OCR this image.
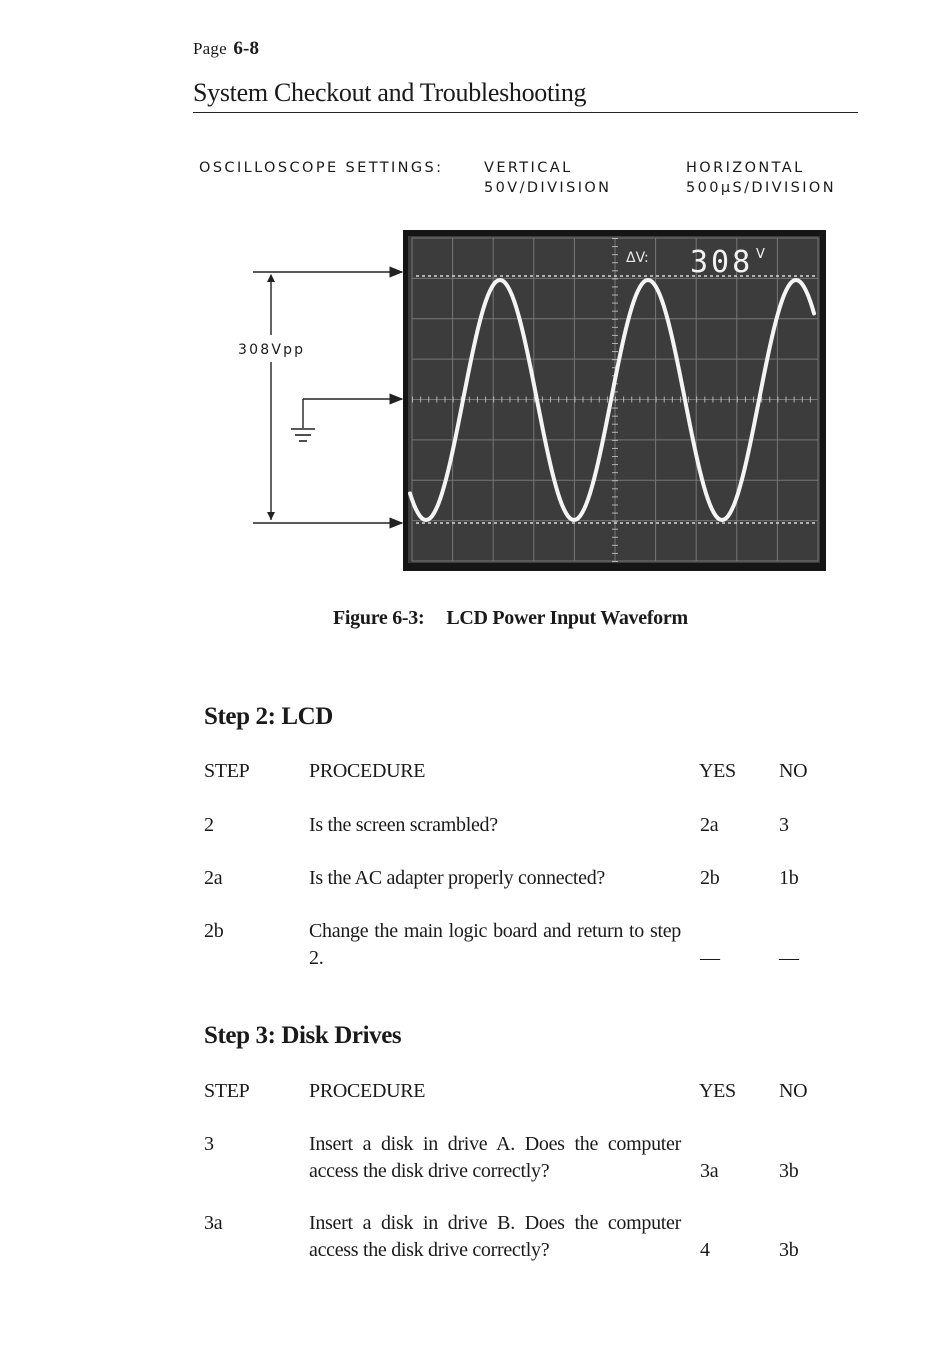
Page 6-8
System Checkout and Troubleshooting
OSCILLOSCOPE SETTINGS:	VERTICAL
50V/DIVISION
HORIZONTAL
500µS/DIVISION
308Vpp
ΔV: 308 V
Figure 6-3: LCD Power Input Waveform
Step 2: LCD
STEP	PROCEDURE	YES NO
2	Is the screen scrambled?	2a	3
2a	Is the AC adapter properly connected?	2b	1b
2b	Change the main logic board and return to step 2.	—	—
Step 3: Disk Drives
STEP	PROCEDURE	YES NO
3	Insert a disk in drive A. Does the computer access the disk drive correctly?	3a	3b
3a	Insert a disk in drive B. Does the computer access the disk drive correctly?	4	3b
